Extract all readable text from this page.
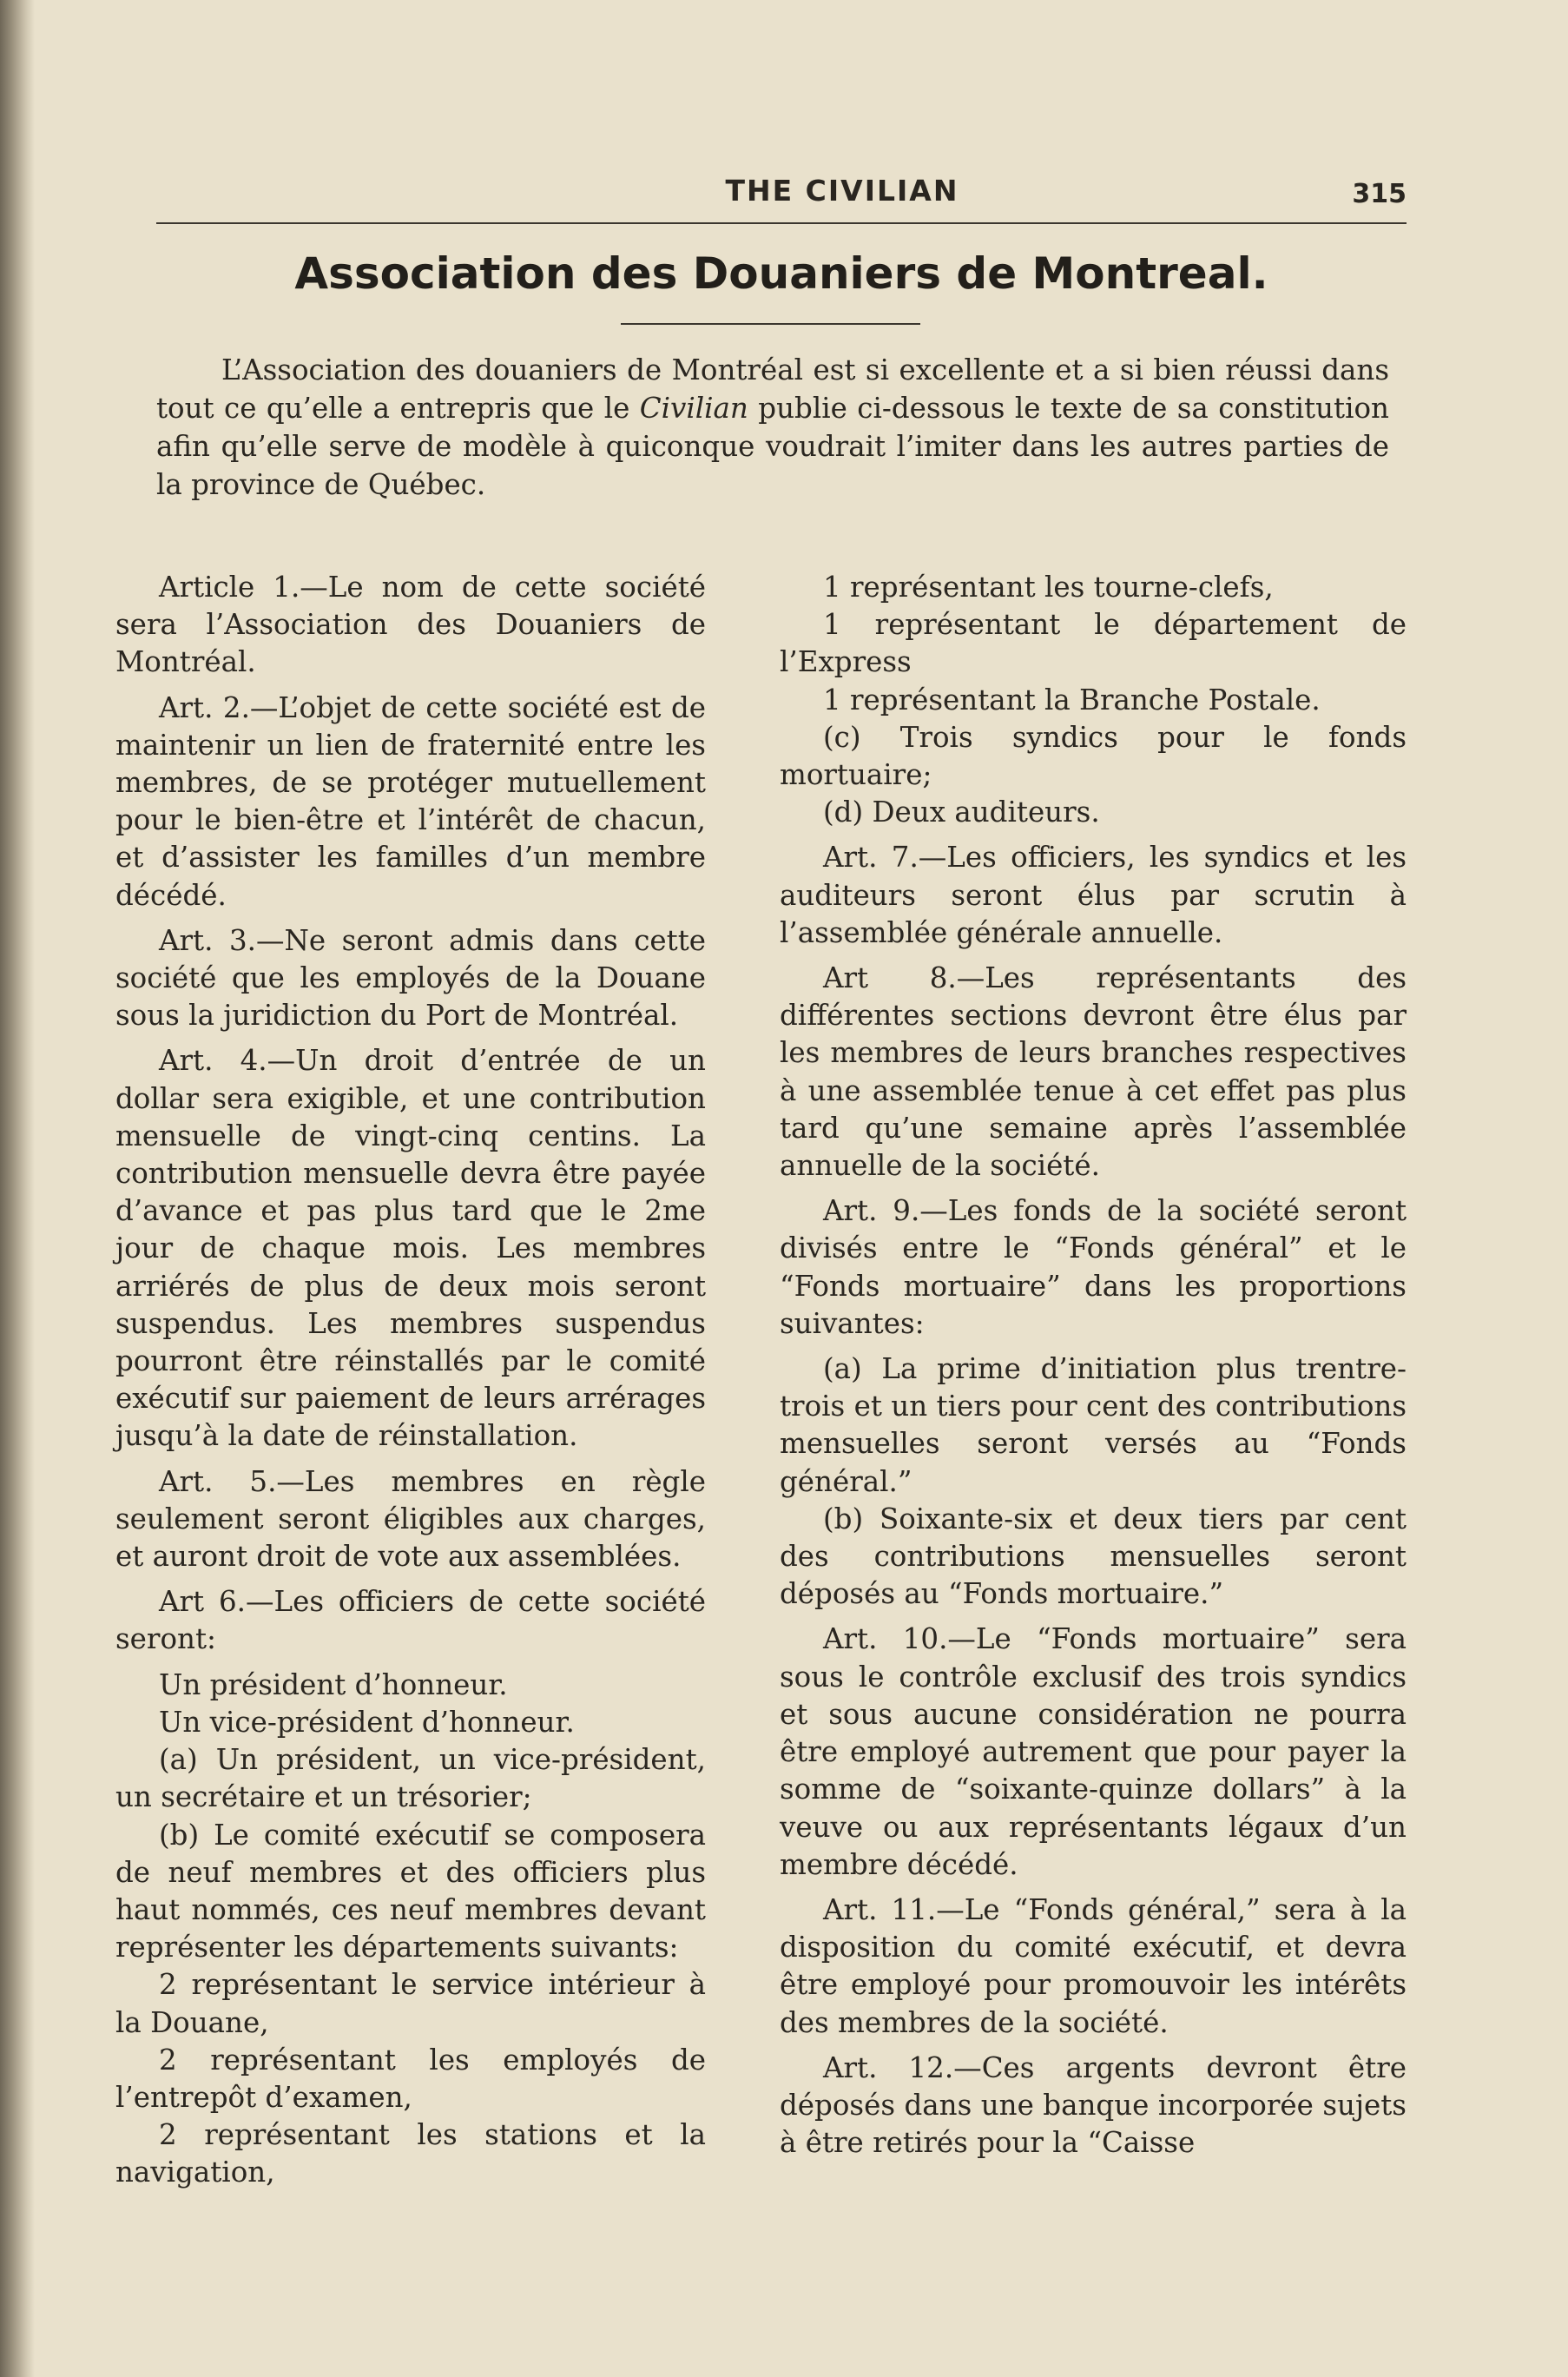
THE CIVILIAN	315
Association des Douaniers de Montreal.
L’Association des douaniers de Montréal est si excellente et a si bien réussi dans tout ce qu’elle a entrepris que le Civilian publie ci-dessous le texte de sa constitution afin qu’elle serve de modèle à quiconque voudrait l’imiter dans les autres parties de la province de Québec.

Article 1.—Le nom de cette société sera l’Association des Douaniers de Montréal.

Art. 2.—L’objet de cette société est de maintenir un lien de fraternité entre les membres, de se protéger mutuellement pour le bien-être et l’intérêt de chacun, et d’assister les familles d’un membre décédé.

Art. 3.—Ne seront admis dans cette société que les employés de la Douane sous la juridiction du Port de Montréal.

Art. 4.—Un droit d’entrée de un dollar sera exigible, et une contribution mensuelle de vingt-cinq centins. La contribution mensuelle devra être payée d’avance et pas plus tard que le 2me jour de chaque mois. Les membres arriérés de plus de deux mois seront suspendus. Les membres suspendus pourront être réinstallés par le comité exécutif sur paiement de leurs arrérages jusqu’à la date de réinstallation.

Art. 5.—Les membres en règle seulement seront éligibles aux charges, et auront droit de vote aux assemblées.

Art 6.—Les officiers de cette société seront:

Un président d’honneur.

Un vice-président d’honneur.

(a) Un président, un vice-président, un secrétaire et un trésorier;

(b) Le comité exécutif se composera de neuf membres et des officiers plus haut nommés, ces neuf membres devant représenter les départements suivants:

2 représentant le service intérieur à la Douane,

2 représentant les employés de l’entrepôt d’examen,

2 représentant les stations et la navigation,

1 représentant les tourne-clefs,

1 représentant le département de l’Express

1 représentant la Branche Postale.

(c) Trois syndics pour le fonds mortuaire;

(d) Deux auditeurs.

Art. 7.—Les officiers, les syndics et les auditeurs seront élus par scrutin à l’assemblée générale annuelle.

Art 8.—Les représentants des différentes sections devront être élus par les membres de leurs branches respectives à une assemblée tenue à cet effet pas plus tard qu’une semaine après l’assemblée annuelle de la société.

Art. 9.—Les fonds de la société seront divisés entre le “Fonds général” et le “Fonds mortuaire” dans les proportions suivantes:

(a) La prime d’initiation plus trentre-trois et un tiers pour cent des contributions mensuelles seront versés au “Fonds général.”

(b) Soixante-six et deux tiers par cent des contributions mensuelles seront déposés au “Fonds mortuaire.”

Art. 10.—Le “Fonds mortuaire” sera sous le contrôle exclusif des trois syndics et sous aucune considération ne pourra être employé autrement que pour payer la somme de “soixante-quinze dollars” à la veuve ou aux représentants légaux d’un membre décédé.

Art. 11.—Le “Fonds général,” sera à la disposition du comité exécutif, et devra être employé pour promouvoir les intérêts des membres de la société.

Art. 12.—Ces argents devront être déposés dans une banque incorporée sujets à être retirés pour la “Caisse
